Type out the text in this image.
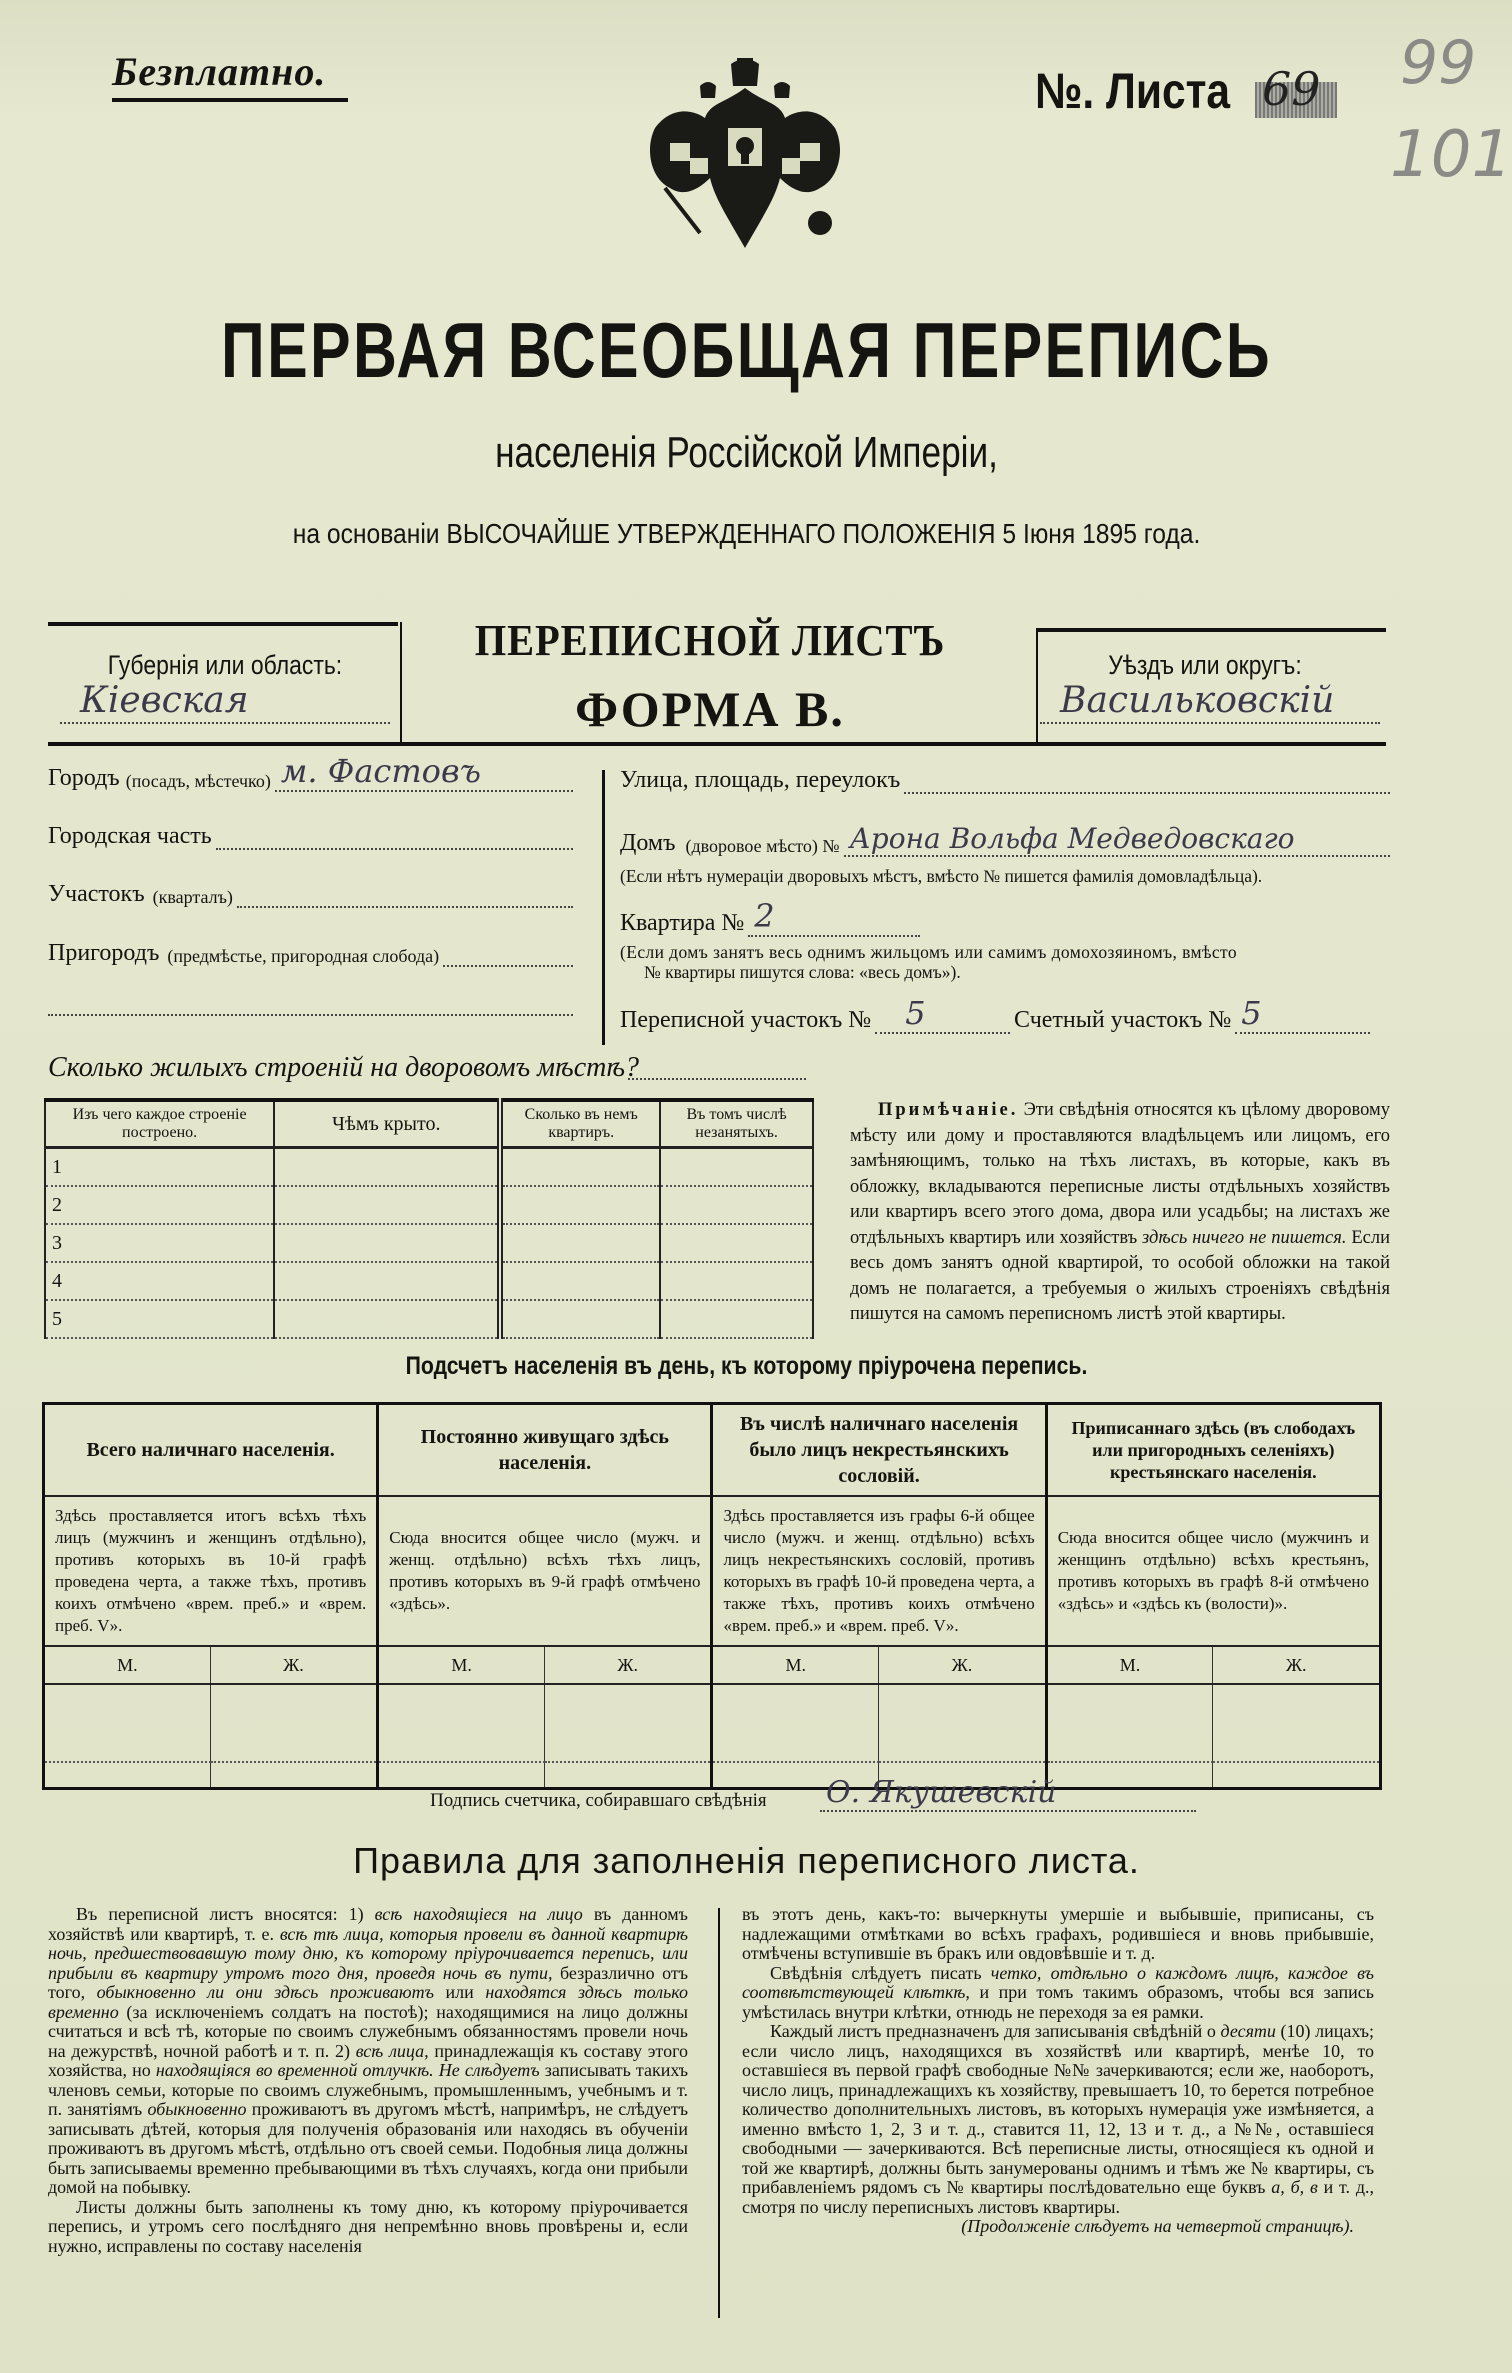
Безплатно.	№. Листа 69 99
101
ПЕРВАЯ ВСЕОБЩАЯ ПЕРЕПИСЬ
населенія Россійской Имперіи,
на основаніи ВЫСОЧАЙШЕ УТВЕРЖДЕННАГО ПОЛОЖЕНІЯ 5 Іюня 1895 года.
Губернія или область:
Кіевская
ПЕРЕПИСНОЙ ЛИСТЪ
ФОРМА В.
Уѣздъ или округъ:
Васильковскій
Городъ (посадъ, мѣстечко) м. Фастовъ
Городская часть
Участокъ (кварталъ)
Пригородъ (предмѣстье, пригородная слобода)
Улица, площадь, переулокъ
Домъ (дворовое мѣсто) № Арона Вольфа Медведовскаго
(Если нѣтъ нумераціи дворовыхъ мѣстъ, вмѣсто № пишется фамилія домовладѣльца).
Квартира № 2
(Если домъ занятъ весь однимъ жильцомъ или самимъ домохозяиномъ, вмѣсто
№ квартиры пишутся слова: «весь домъ»).
Переписной участокъ № 5	Счетный участокъ № 5
Сколько жилыхъ строеній на дворовомъ мѣстѣ?
Изъ чего каждое строеніе построено.	Чѣмъ крыто.	Сколько въ немъ квартиръ.	Въ томъ числѣ незанятыхъ.
1			
2			
3			
4			
5			
Примѣчаніе. Эти свѣдѣнія относятся къ цѣлому дворовому мѣсту или дому и проставляются владѣльцемъ или лицомъ, его замѣняющимъ, только на тѣхъ листахъ, въ которые, какъ въ обложку, вкладываются переписные листы отдѣльныхъ хозяйствъ или квартиръ всего этого дома, двора или усадьбы; на листахъ же отдѣльныхъ квартиръ или хозяйствъ здѣсь ничего не пишется. Если весь домъ занятъ одной квартирой, то особой обложки на такой домъ не полагается, а требуемыя о жилыхъ строеніяхъ свѣдѣнія пишутся на самомъ переписномъ листѣ этой квартиры.
Подсчетъ населенія въ день, къ которому пріурочена перепись.
Всего наличнаго населенія.		Постоянно живущаго здѣсь населенія.		Въ числѣ наличнаго населенія было лицъ некрестьянскихъ сословій.		Приписаннаго здѣсь (въ слободахъ или пригородныхъ селеніяхъ) крестьянскаго населенія.	
Здѣсь проставляется итогъ всѣхъ тѣхъ лицъ (мужчинъ и женщинъ отдѣльно), противъ которыхъ въ 10-й графѣ проведена черта, а также тѣхъ, противъ коихъ отмѣчено «врем. преб.» и «врем. преб. V».		Сюда вносится общее число (мужч. и женщ. отдѣльно) всѣхъ тѣхъ лицъ, противъ которыхъ въ 9-й графѣ отмѣчено «здѣсь».		Здѣсь проставляется изъ графы 6-й общее число (мужч. и женщ. отдѣльно) всѣхъ лицъ некрестьянскихъ сословій, противъ которыхъ въ графѣ 10-й проведена черта, а также тѣхъ, противъ коихъ отмѣчено «врем. преб.» и «врем. преб. V».		Сюда вносится общее число (мужчинъ и женщинъ отдѣльно) всѣхъ крестьянъ, противъ которыхъ въ графѣ 8-й отмѣчено «здѣсь» и «здѣсь къ (волости)».	
М.	Ж.	М.	Ж.	М.	Ж.	М.	Ж.

Подпись счетчика, собиравшаго свѣдѣнія О. Якушевскій
Правила для заполненія переписного листа.
Въ переписной листъ вносятся: 1) всѣ находящіеся на лицо въ данномъ хозяйствѣ или квартирѣ, т. е. всѣ тѣ лица, которыя провели въ данной квартирѣ ночь, предшествовавшую тому дню, къ которому пріурочивается перепись, или прибыли въ квартиру утромъ того дня, проведя ночь въ пути, безразлично отъ того, обыкновенно ли они здѣсь проживаютъ или находятся здѣсь только временно (за исключеніемъ солдатъ на постоѣ); находящимися на лицо должны считаться и всѣ тѣ, которые по своимъ служебнымъ обязанностямъ провели ночь на дежурствѣ, ночной работѣ и т. п. 2) всѣ лица, принадлежащія къ составу этого хозяйства, но находящіяся во временной отлучкѣ. Не слѣдуетъ записывать такихъ членовъ семьи, которые по своимъ служебнымъ, промышленнымъ, учебнымъ и т. п. занятіямъ обыкновенно проживаютъ въ другомъ мѣстѣ, напримѣръ, не слѣдуетъ записывать дѣтей, которыя для полученія образованія или находясь въ обученіи проживаютъ въ другомъ мѣстѣ, отдѣльно отъ своей семьи. Подобныя лица должны быть записываемы временно пребывающими въ тѣхъ случаяхъ, когда они прибыли домой на побывку.
Листы должны быть заполнены къ тому дню, къ которому пріурочивается перепись, и утромъ сего послѣдняго дня непремѣнно вновь провѣрены и, если нужно, исправлены по составу населенія
въ этотъ день, какъ-то: вычеркнуты умершіе и выбывшіе, приписаны, съ надлежащими отмѣтками во всѣхъ графахъ, родившіеся и вновь прибывшіе, отмѣчены вступившіе въ бракъ или овдовѣвшіе и т. д.
Свѣдѣнія слѣдуетъ писать четко, отдѣльно о каждомъ лицѣ, каждое въ соотвѣтствующей клѣткѣ, и при томъ такимъ образомъ, чтобы вся запись умѣстилась внутри клѣтки, отнюдь не переходя за ея рамки.
Каждый листъ предназначенъ для записыванія свѣдѣній о десяти (10) лицахъ; если число лицъ, находящихся въ хозяйствѣ или квартирѣ, менѣе 10, то оставшіеся въ первой графѣ свободные №№ зачеркиваются; если же, наоборотъ, число лицъ, принадлежащихъ къ хозяйству, превышаетъ 10, то берется потребное количество дополнительныхъ листовъ, въ которыхъ нумерація уже измѣняется, а именно вмѣсто 1, 2, 3 и т. д., ставится 11, 12, 13 и т. д., а №№, оставшіеся свободными — зачеркиваются. Всѣ переписные листы, относящіеся къ одной и той же квартирѣ, должны быть занумерованы однимъ и тѣмъ же № квартиры, съ прибавленіемъ рядомъ съ № квартиры послѣдовательно еще буквъ а, б, в и т. д., смотря по числу переписныхъ листовъ квартиры.
(Продолженіе слѣдуетъ на четвертой страницѣ).
